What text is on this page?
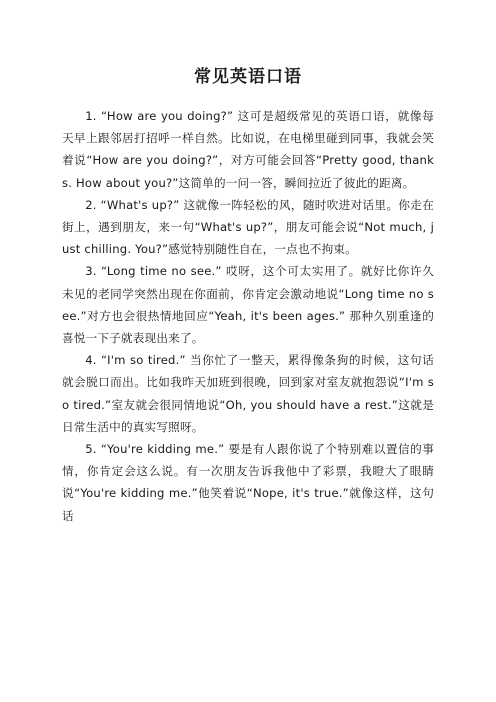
常见英语口语

1. “How are you doing?” 这可是超级常见的英语口语，就像每天早上跟邻居打招呼一样自然。比如说，在电梯里碰到同事，我就会笑着说“How are you doing?”，对方可能会回答“Pretty good, thanks. How about you?”这简单的一问一答，瞬间拉近了彼此的距离。

2. “What's up?” 这就像一阵轻松的风，随时吹进对话里。你走在街上，遇到朋友，来一句“What's up?”，朋友可能会说“Not much, just chilling. You?”感觉特别随性自在，一点也不拘束。

3. “Long time no see.” 哎呀，这个可太实用了。就好比你许久未见的老同学突然出现在你面前，你肯定会激动地说“Long time no see.”对方也会很热情地回应“Yeah, it's been ages.” 那种久别重逢的喜悦一下子就表现出来了。

4. “I'm so tired.” 当你忙了一整天，累得像条狗的时候，这句话就会脱口而出。比如我昨天加班到很晚，回到家对室友就抱怨说“I'm so tired.”室友就会很同情地说“Oh, you should have a rest.”这就是日常生活中的真实写照呀。

5. “You're kidding me.” 要是有人跟你说了个特别难以置信的事情，你肯定会这么说。有一次朋友告诉我他中了彩票，我瞪大了眼睛说“You're kidding me.”他笑着说“Nope, it's true.”就像这样，这句话
